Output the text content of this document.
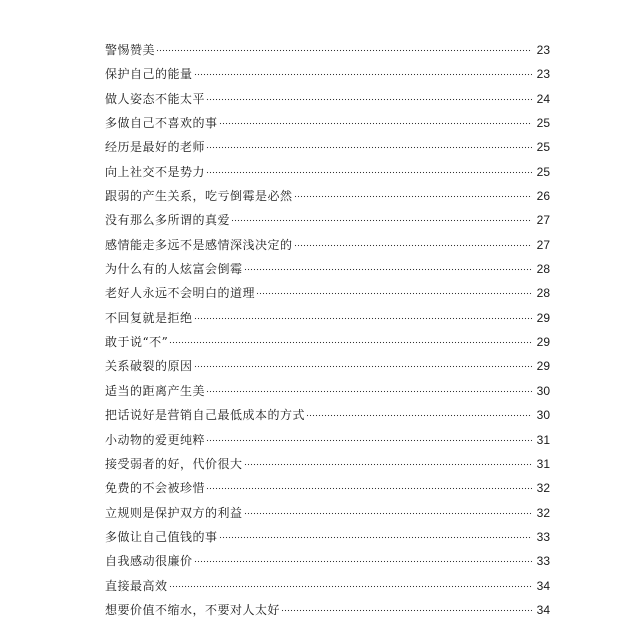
警惕赞美	23
保护自己的能量	23
做人姿态不能太平	24
多做自己不喜欢的事	25
经历是最好的老师	25
向上社交不是势力	25
跟弱的产生关系，吃亏倒霉是必然	26
没有那么多所谓的真爱	27
感情能走多远不是感情深浅决定的	27
为什么有的人炫富会倒霉	28
老好人永远不会明白的道理	28
不回复就是拒绝	29
敢于说“不”	29
关系破裂的原因	29
适当的距离产生美	30
把话说好是营销自己最低成本的方式	30
小动物的爱更纯粹	31
接受弱者的好，代价很大	31
免费的不会被珍惜	32
立规则是保护双方的利益	32
多做让自己值钱的事	33
自我感动很廉价	33
直接最高效	34
想要价值不缩水，不要对人太好	34
